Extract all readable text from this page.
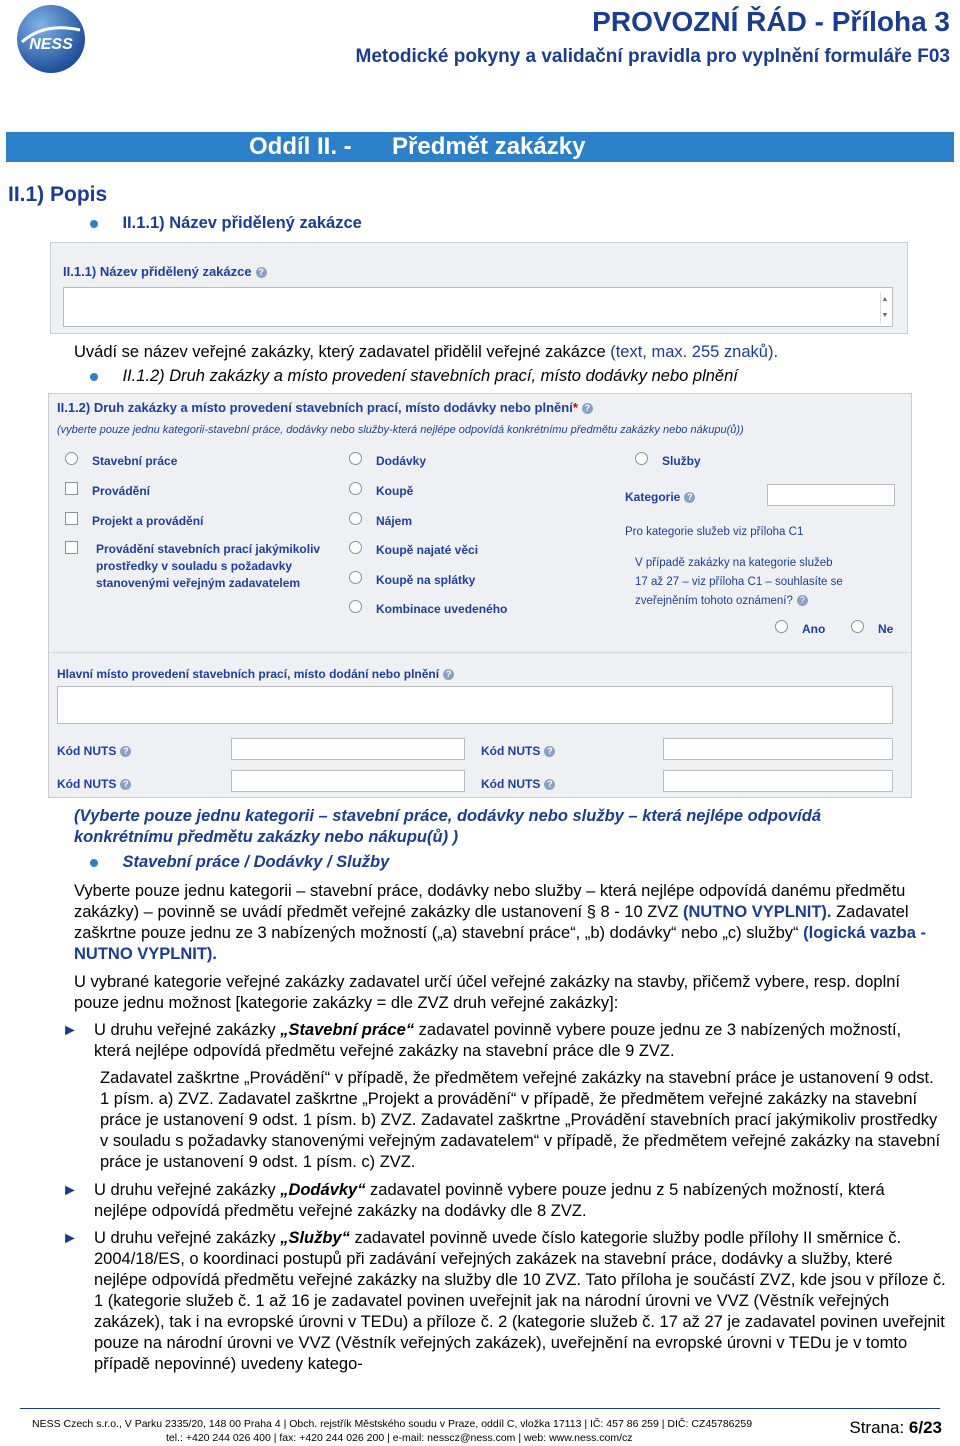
NESS
PROVOZNÍ ŘÁD - Příloha 3
Metodické pokyny a validační pravidla pro vyplnění formuláře F03
Oddíl II. - Předmět zakázky
II.1) Popis
II.1.1) Název přidělený zakázce
II.1.1) Název přidělený zakázce ?
▲
▼
Uvádí se název veřejné zakázky, který zadavatel přidělil veřejné zakázce (text, max. 255 znaků).
II.1.2) Druh zakázky a místo provedení stavebních prací, místo dodávky nebo plnění
II.1.2) Druh zakázky a místo provedení stavebních prací, místo dodávky nebo plnění* ?
(vyberte pouze jednu kategorii-stavební práce, dodávky nebo služby-která nejlépe odpovídá konkrétnímu předmětu zakázky nebo nákupu(ů))
Stavební práce
Provádění
Projekt a provádění
Provádění stavebních prací jakýmikoliv prostředky v souladu s požadavky stanovenými veřejným zadavatelem
Dodávky
Koupě
Nájem
Koupě najaté věci
Koupě na splátky
Kombinace uvedeného
Služby
Kategorie ?
Pro kategorie služeb viz příloha C1
V případě zakázky na kategorie služeb 17 až 27 – viz příloha C1 – souhlasíte se zveřejněním tohoto oznámení? ?
Ano	Ne
Hlavní místo provedení stavebních prací, místo dodání nebo plnění ?
Kód NUTS ?	Kód NUTS ?
Kód NUTS ?	Kód NUTS ?
(Vyberte pouze jednu kategorii – stavební práce, dodávky nebo služby – která nejlépe odpovídá konkrétnímu předmětu zakázky nebo nákupu(ů) )
Stavební práce / Dodávky / Služby
Vyberte pouze jednu kategorii – stavební práce, dodávky nebo služby – která nejlépe odpovídá danému předmětu zakázky) – povinně se uvádí předmět veřejné zakázky dle ustanovení § 8 - 10 ZVZ (NUTNO VYPLNIT). Zadavatel zaškrtne pouze jednu ze 3 nabízených možností („a) stavební práce“, „b) dodávky“ nebo „c) služby“ (logická vazba - NUTNO VYPLNIT).
U vybrané kategorie veřejné zakázky zadavatel určí účel veřejné zakázky na stavby, přičemž vybere, resp. doplní pouze jednu možnost [kategorie zakázky = dle ZVZ druh veřejné zakázky]:
► U druhu veřejné zakázky „Stavební práce“ zadavatel povinně vybere pouze jednu ze 3 nabízených možností, která nejlépe odpovídá předmětu veřejné zakázky na stavební práce dle 9 ZVZ.
Zadavatel zaškrtne „Provádění“ v případě, že předmětem veřejné zakázky na stavební práce je ustanovení 9 odst. 1 písm. a) ZVZ. Zadavatel zaškrtne „Projekt a provádění“ v případě, že předmětem veřejné zakázky na stavební práce je ustanovení 9 odst. 1 písm. b) ZVZ. Zadavatel zaškrtne „Provádění stavebních prací jakýmikoliv prostředky v souladu s požadavky stanovenými veřejným zadavatelem“ v případě, že předmětem veřejné zakázky na stavební práce je ustanovení 9 odst. 1 písm. c) ZVZ.
► U druhu veřejné zakázky „Dodávky“ zadavatel povinně vybere pouze jednu z 5 nabízených možností, která nejlépe odpovídá předmětu veřejné zakázky na dodávky dle 8 ZVZ.
► U druhu veřejné zakázky „Služby“ zadavatel povinně uvede číslo kategorie služby podle přílohy II směrnice č. 2004/18/ES, o koordinaci postupů při zadávání veřejných zakázek na stavební práce, dodávky a služby, které nejlépe odpovídá předmětu veřejné zakázky na služby dle 10 ZVZ. Tato příloha je součástí ZVZ, kde jsou v příloze č. 1 (kategorie služeb č. 1 až 16 je zadavatel povinen uveřejnit jak na národní úrovni ve VVZ (Věstník veřejných zakázek), tak i na evropské úrovni v TEDu) a příloze č. 2 (kategorie služeb č. 17 až 27 je zadavatel povinen uveřejnit pouze na národní úrovni ve VVZ (Věstník veřejných zakázek), uveřejnění na evropské úrovni v TEDu je v tomto případě nepovinné) uvedeny katego-
NESS Czech s.r.o., V Parku 2335/20, 148 00 Praha 4 | Obch. rejstřík Městského soudu v Praze, oddíl C, vložka 17113 | IČ: 457 86 259 | DIČ: CZ45786259
tel.: +420 244 026 400 | fax: +420 244 026 200 | e-mail: nesscz@ness.com | web: www.ness.com/cz
Strana: 6/23
